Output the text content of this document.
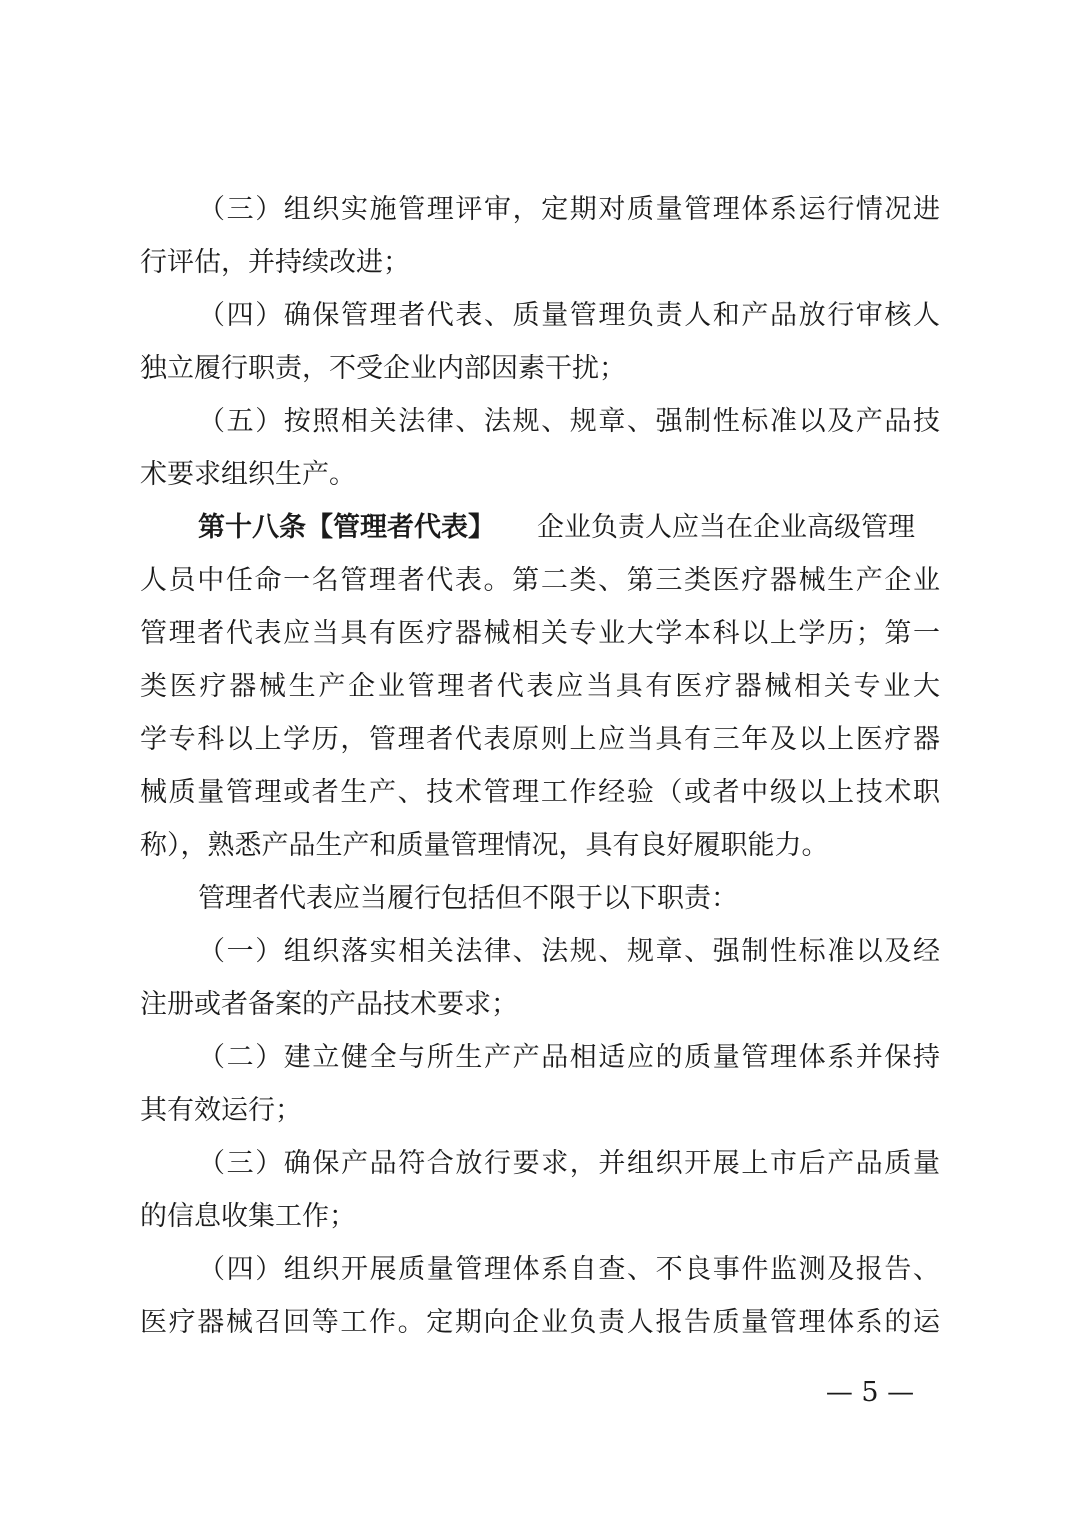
（三）组织实施管理评审，定期对质量管理体系运行情况进
行评估，并持续改进；
（四）确保管理者代表、质量管理负责人和产品放行审核人
独立履行职责，不受企业内部因素干扰；
（五）按照相关法律、法规、规章、强制性标准以及产品技
术要求组织生产。
第十八条【管理者代表】 企业负责人应当在企业高级管理
人员中任命一名管理者代表。第二类、第三类医疗器械生产企业
管理者代表应当具有医疗器械相关专业大学本科以上学历；第一
类医疗器械生产企业管理者代表应当具有医疗器械相关专业大
学专科以上学历，管理者代表原则上应当具有三年及以上医疗器
械质量管理或者生产、技术管理工作经验（或者中级以上技术职
称），熟悉产品生产和质量管理情况，具有良好履职能力。
管理者代表应当履行包括但不限于以下职责：
（一）组织落实相关法律、法规、规章、强制性标准以及经
注册或者备案的产品技术要求；
（二）建立健全与所生产产品相适应的质量管理体系并保持
其有效运行；
（三）确保产品符合放行要求，并组织开展上市后产品质量
的信息收集工作；
（四）组织开展质量管理体系自查、不良事件监测及报告、
医疗器械召回等工作。定期向企业负责人报告质量管理体系的运
— 5 —
